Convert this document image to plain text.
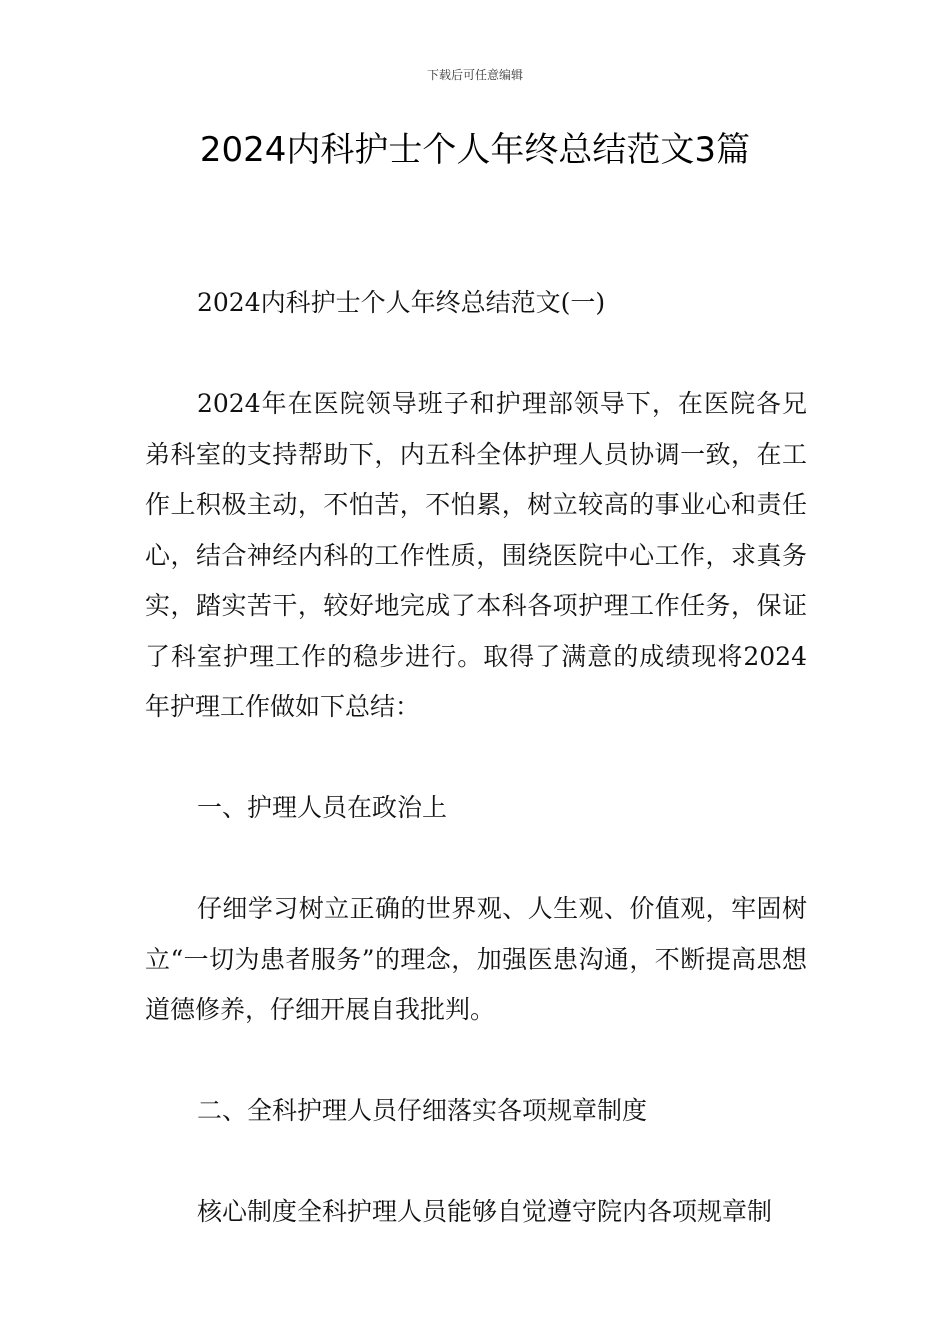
下载后可任意编辑
2024内科护士个人年终总结范文3篇

2024内科护士个人年终总结范文(一)

2024年在医院领导班子和护理部领导下，在医院各兄弟科室的支持帮助下，内五科全体护理人员协调一致，在工作上积极主动，不怕苦，不怕累，树立较高的事业心和责任心，结合神经内科的工作性质，围绕医院中心工作，求真务实，踏实苦干，较好地完成了本科各项护理工作任务，保证了科室护理工作的稳步进行。取得了满意的成绩现将2024年护理工作做如下总结：

一、护理人员在政治上

仔细学习树立正确的世界观、人生观、价值观，牢固树立“一切为患者服务”的理念，加强医患沟通，不断提高思想道德修养，仔细开展自我批判。

二、全科护理人员仔细落实各项规章制度

核心制度全科护理人员能够自觉遵守院内各项规章制
